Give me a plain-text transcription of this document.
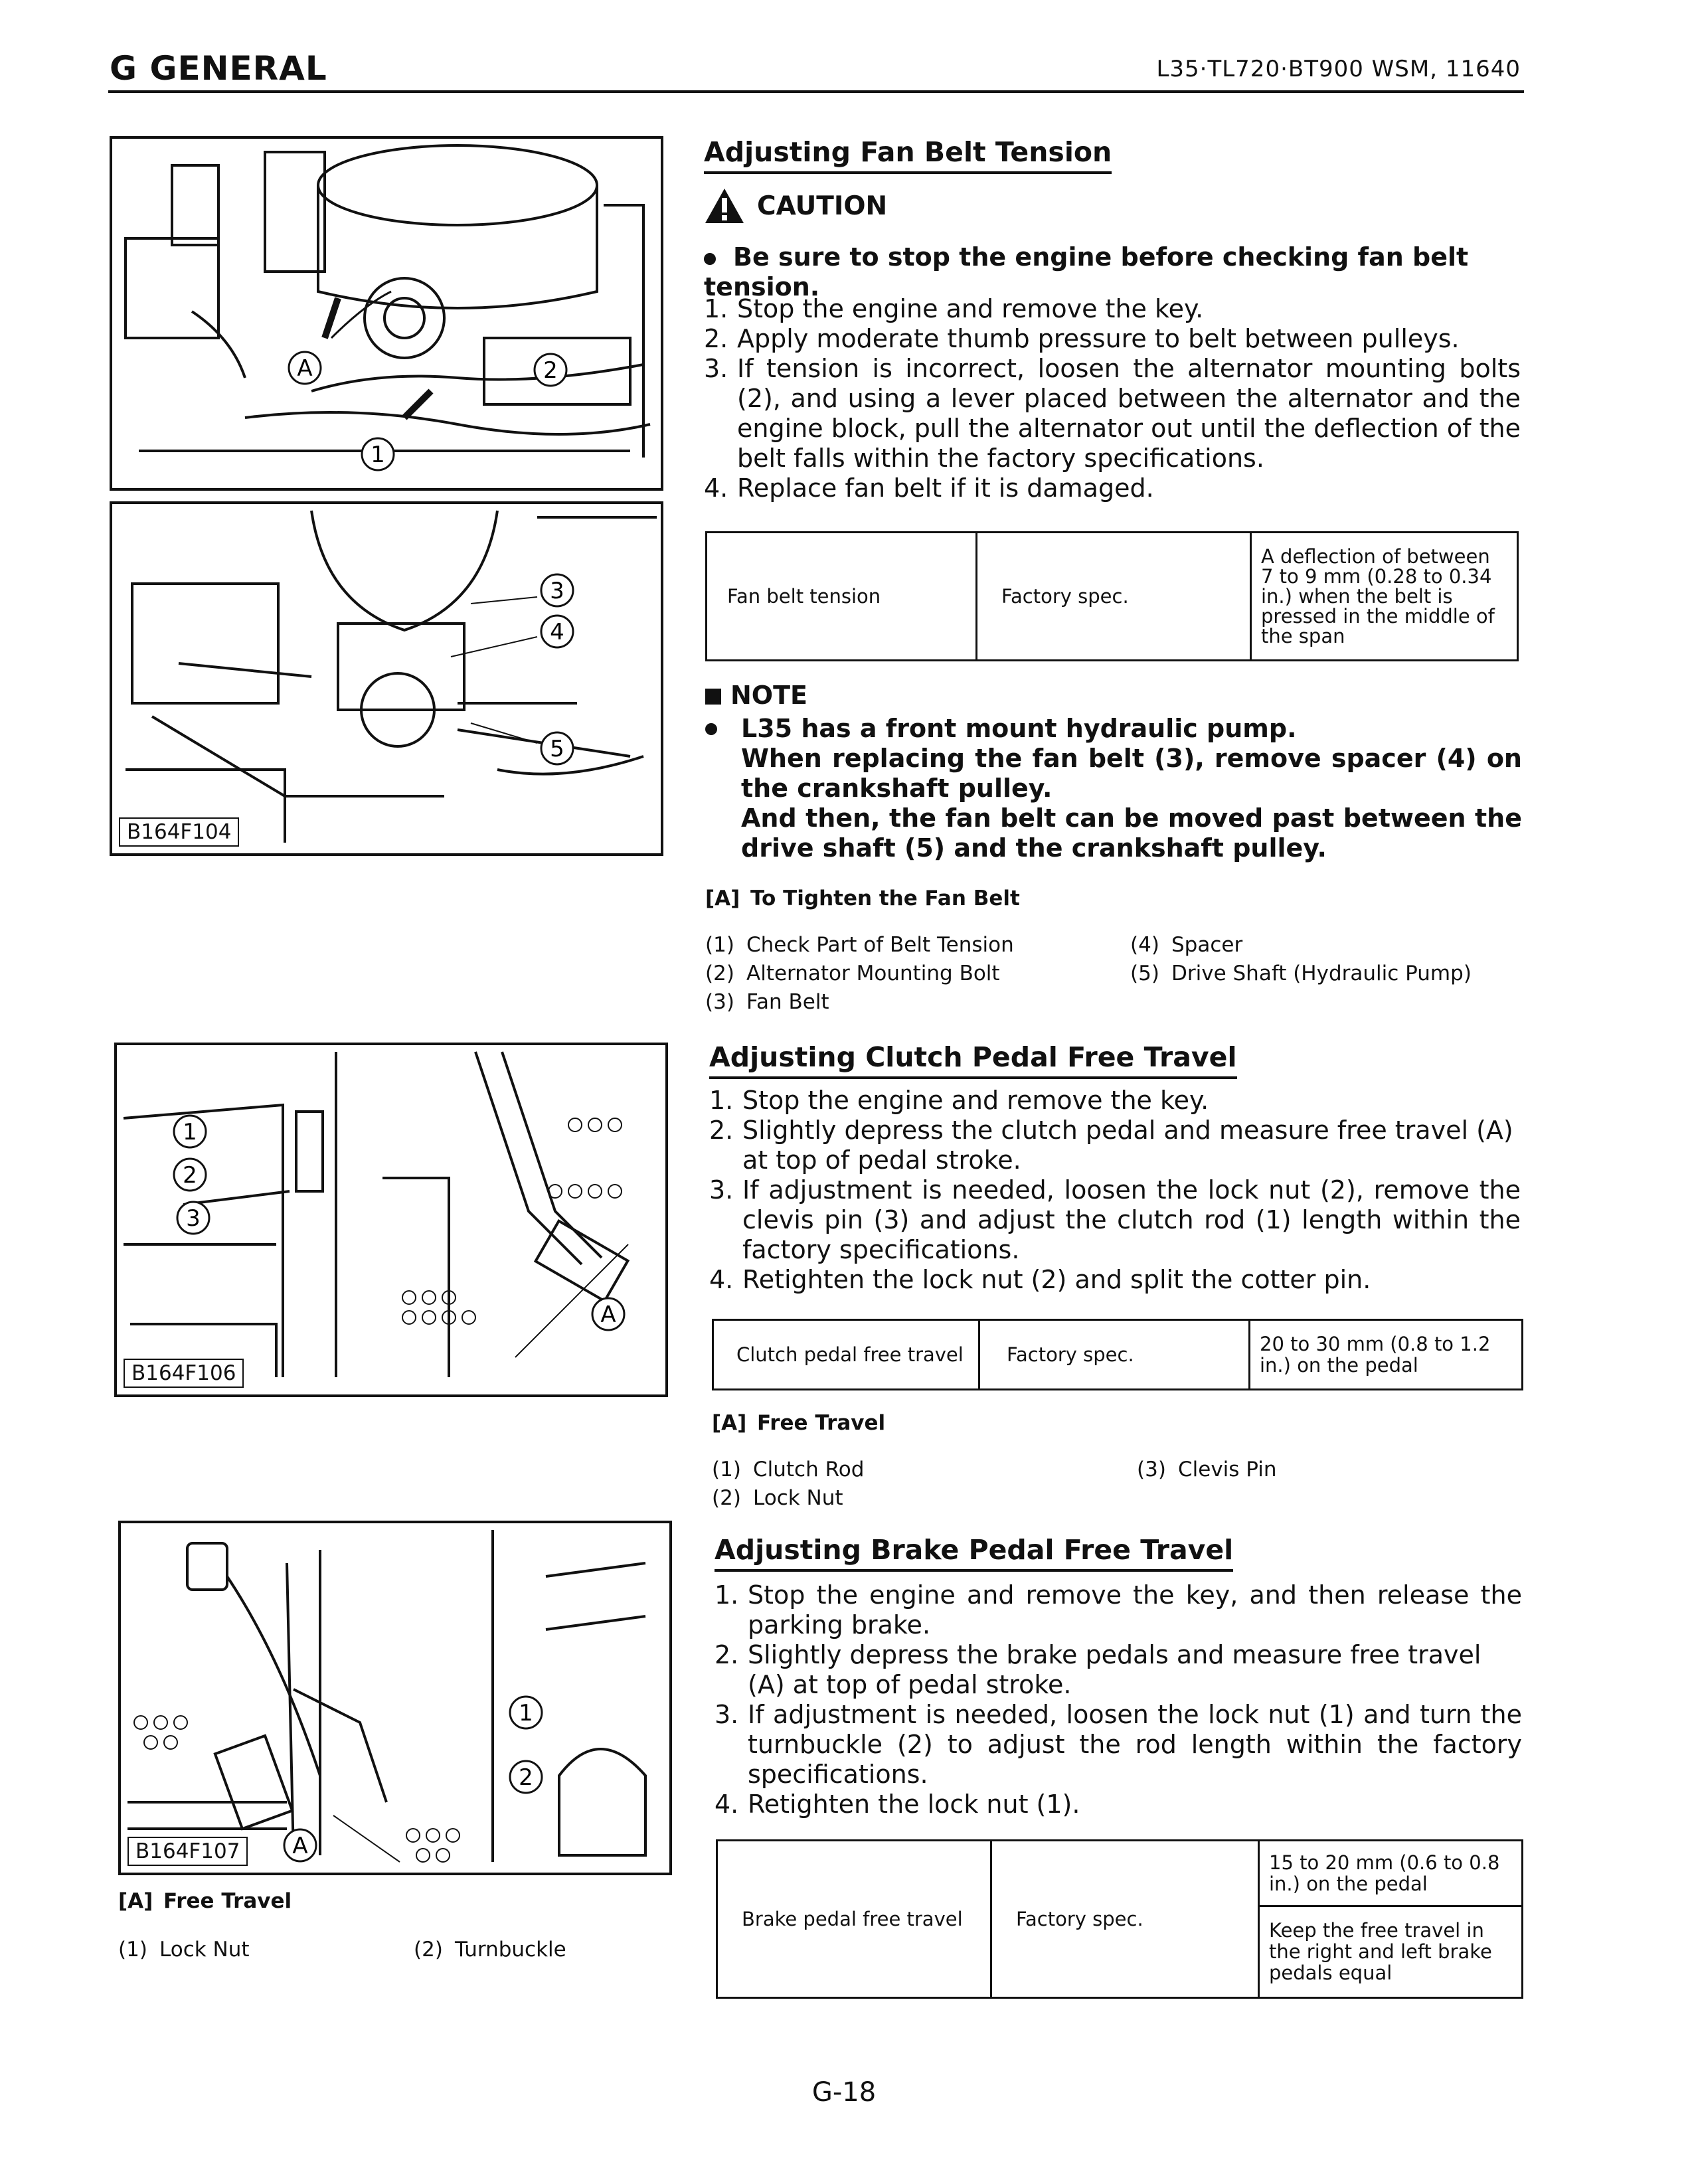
G GENERAL	L35·TL720·BT900 WSM, 11640
A
1
2
3
4
5
B164F104
1
2
3
A
B164F106
1
2
A
B164F107
Adjusting Fan Belt Tension
CAUTION
Be sure to stop the engine before checking fan belt tension.
1. Stop the engine and remove the key.
2. Apply moderate thumb pressure to belt between pulleys.
3. If tension is incorrect, loosen the alternator mounting bolts (2), and using a lever placed between the alternator and the engine block, pull the alternator out until the deflection of the belt falls within the factory specifications.
4. Replace fan belt if it is damaged.
Fan belt tension	Factory spec.	A deflection of between 7 to 9 mm (0.28 to 0.34 in.) when the belt is pressed in the middle of the span
NOTE
L35 has a front mount hydraulic pump.
When replacing the fan belt (3), remove spacer (4) on the crankshaft pulley.
And then, the fan belt can be moved past between the drive shaft (5) and the crankshaft pulley.
[A] To Tighten the Fan Belt
(1) Check Part of Belt Tension
(2) Alternator Mounting Bolt
(3) Fan Belt
(4) Spacer
(5) Drive Shaft (Hydraulic Pump)
Adjusting Clutch Pedal Free Travel
1. Stop the engine and remove the key.
2. Slightly depress the clutch pedal and measure free travel (A) at top of pedal stroke.
3. If adjustment is needed, loosen the lock nut (2), remove the clevis pin (3) and adjust the clutch rod (1) length within the factory specifications.
4. Retighten the lock nut (2) and split the cotter pin.
Clutch pedal free travel	Factory spec.	20 to 30 mm (0.8 to 1.2 in.) on the pedal
[A] Free Travel
(1) Clutch Rod
(2) Lock Nut
(3) Clevis Pin
Adjusting Brake Pedal Free Travel
1. Stop the engine and remove the key, and then release the parking brake.
2. Slightly depress the brake pedals and measure free travel (A) at top of pedal stroke.
3. If adjustment is needed, loosen the lock nut (1) and turn the turnbuckle (2) to adjust the rod length within the factory specifications.
4. Retighten the lock nut (1).
Brake pedal free travel	Factory spec.	15 to 20 mm (0.6 to 0.8 in.) on the pedal
Keep the free travel in the right and left brake pedals equal
[A] Free Travel
(1) Lock Nut	(2) Turnbuckle
G-18
